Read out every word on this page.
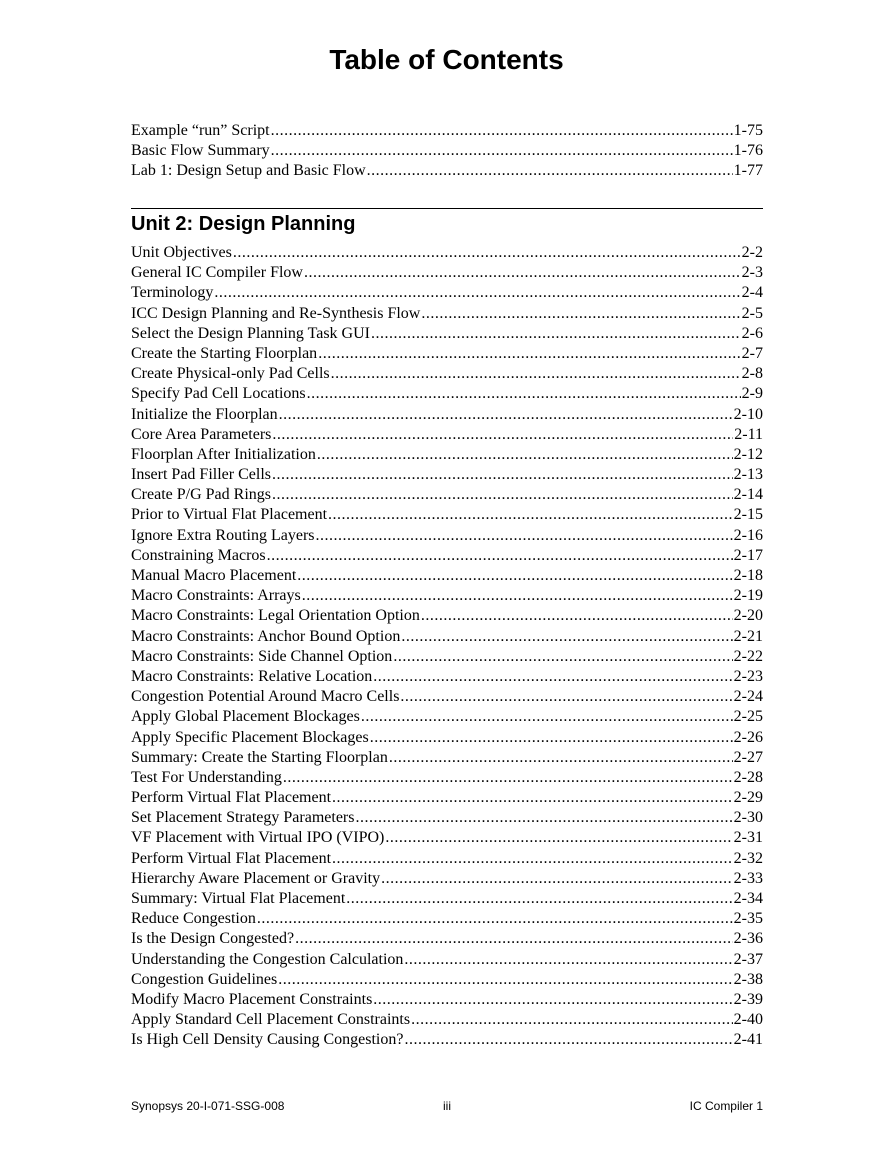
Table of Contents
Example “run” Script .....	1-75
Basic Flow Summary .....	1-76
Lab 1: Design Setup and Basic Flow .....	1-77
Unit 2: Design Planning
Unit Objectives .....	2-2
General IC Compiler Flow .....	2-3
Terminology .....	2-4
ICC Design Planning and Re-Synthesis Flow .....	2-5
Select the Design Planning Task GUI .....	2-6
Create the Starting Floorplan .....	2-7
Create Physical-only Pad Cells .....	2-8
Specify Pad Cell Locations .....	2-9
Initialize the Floorplan .....	2-10
Core Area Parameters .....	2-11
Floorplan After Initialization .....	2-12
Insert Pad Filler Cells .....	2-13
Create P/G Pad Rings .....	2-14
Prior to Virtual Flat Placement .....	2-15
Ignore Extra Routing Layers .....	2-16
Constraining Macros .....	2-17
Manual Macro Placement .....	2-18
Macro Constraints: Arrays .....	2-19
Macro Constraints: Legal Orientation Option .....	2-20
Macro Constraints: Anchor Bound Option .....	2-21
Macro Constraints: Side Channel Option .....	2-22
Macro Constraints: Relative Location .....	2-23
Congestion Potential Around Macro Cells .....	2-24
Apply Global Placement Blockages .....	2-25
Apply Specific Placement Blockages .....	2-26
Summary: Create the Starting Floorplan .....	2-27
Test For Understanding .....	2-28
Perform Virtual Flat Placement .....	2-29
Set Placement Strategy Parameters .....	2-30
VF Placement with Virtual IPO (VIPO) .....	2-31
Perform Virtual Flat Placement .....	2-32
Hierarchy Aware Placement or Gravity .....	2-33
Summary: Virtual Flat Placement .....	2-34
Reduce Congestion .....	2-35
Is the Design Congested? .....	2-36
Understanding the Congestion Calculation .....	2-37
Congestion Guidelines .....	2-38
Modify Macro Placement Constraints .....	2-39
Apply Standard Cell Placement Constraints .....	2-40
Is High Cell Density Causing Congestion? .....	2-41
Synopsys 20-I-071-SSG-008	iii	IC Compiler 1
